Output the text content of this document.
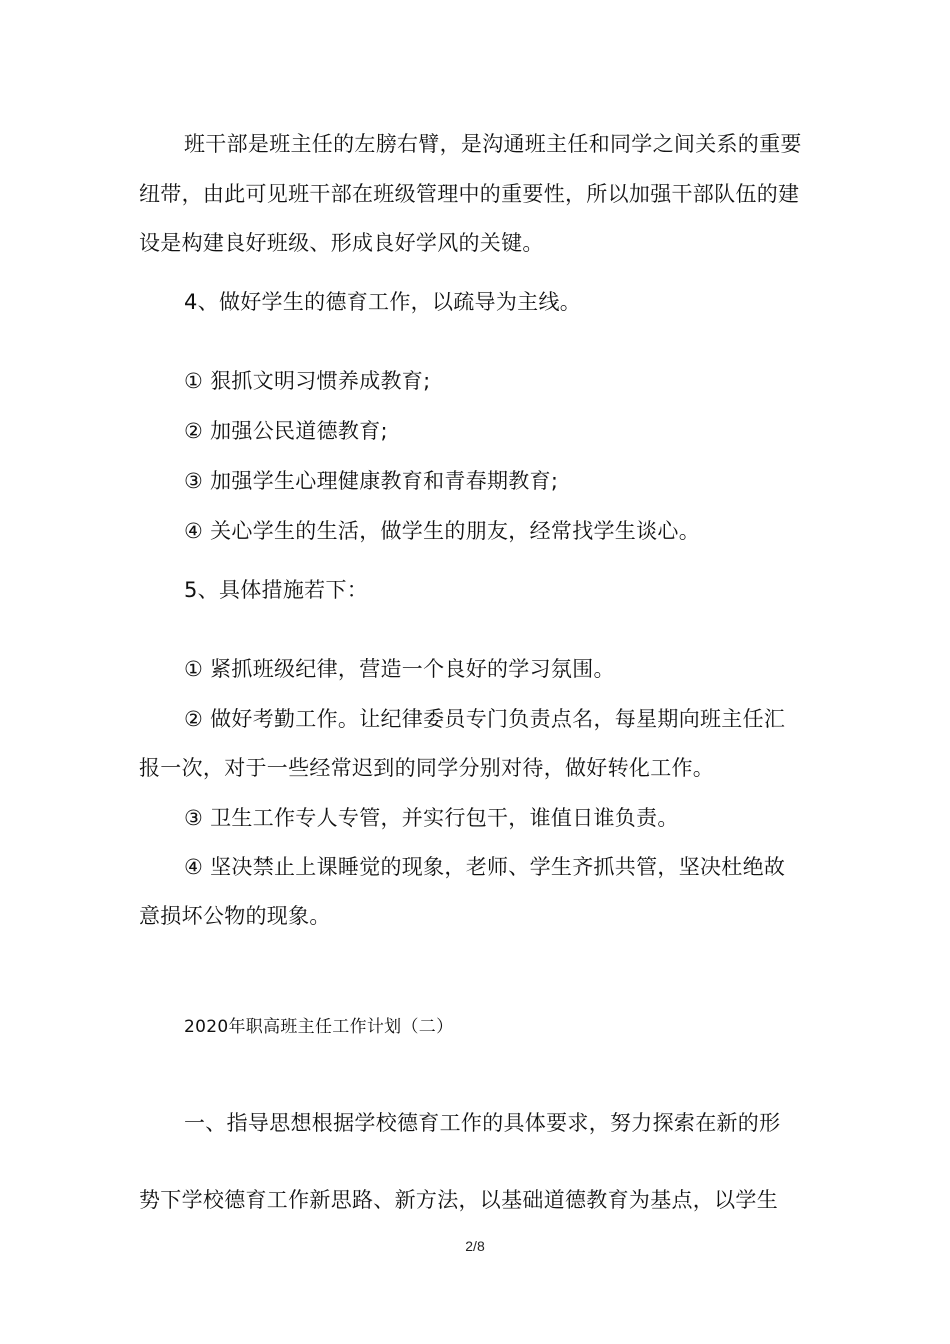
班干部是班主任的左膀右臂，是沟通班主任和同学之间关系的重要
纽带，由此可见班干部在班级管理中的重要性，所以加强干部队伍的建
设是构建良好班级、形成良好学风的关键。
4、做好学生的德育工作，以疏导为主线。
① 狠抓文明习惯养成教育;
② 加强公民道德教育;
③ 加强学生心理健康教育和青春期教育;
④ 关心学生的生活，做学生的朋友，经常找学生谈心。
5、具体措施若下：
① 紧抓班级纪律，营造一个良好的学习氛围。
② 做好考勤工作。让纪律委员专门负责点名，每星期向班主任汇
报一次，对于一些经常迟到的同学分别对待，做好转化工作。
③ 卫生工作专人专管，并实行包干，谁值日谁负责。
④ 坚决禁止上课睡觉的现象，老师、学生齐抓共管，坚决杜绝故
意损坏公物的现象。
2020年职高班主任工作计划（二）
一、指导思想根据学校德育工作的具体要求，努力探索在新的形
势下学校德育工作新思路、新方法，以基础道德教育为基点，以学生
2/8
